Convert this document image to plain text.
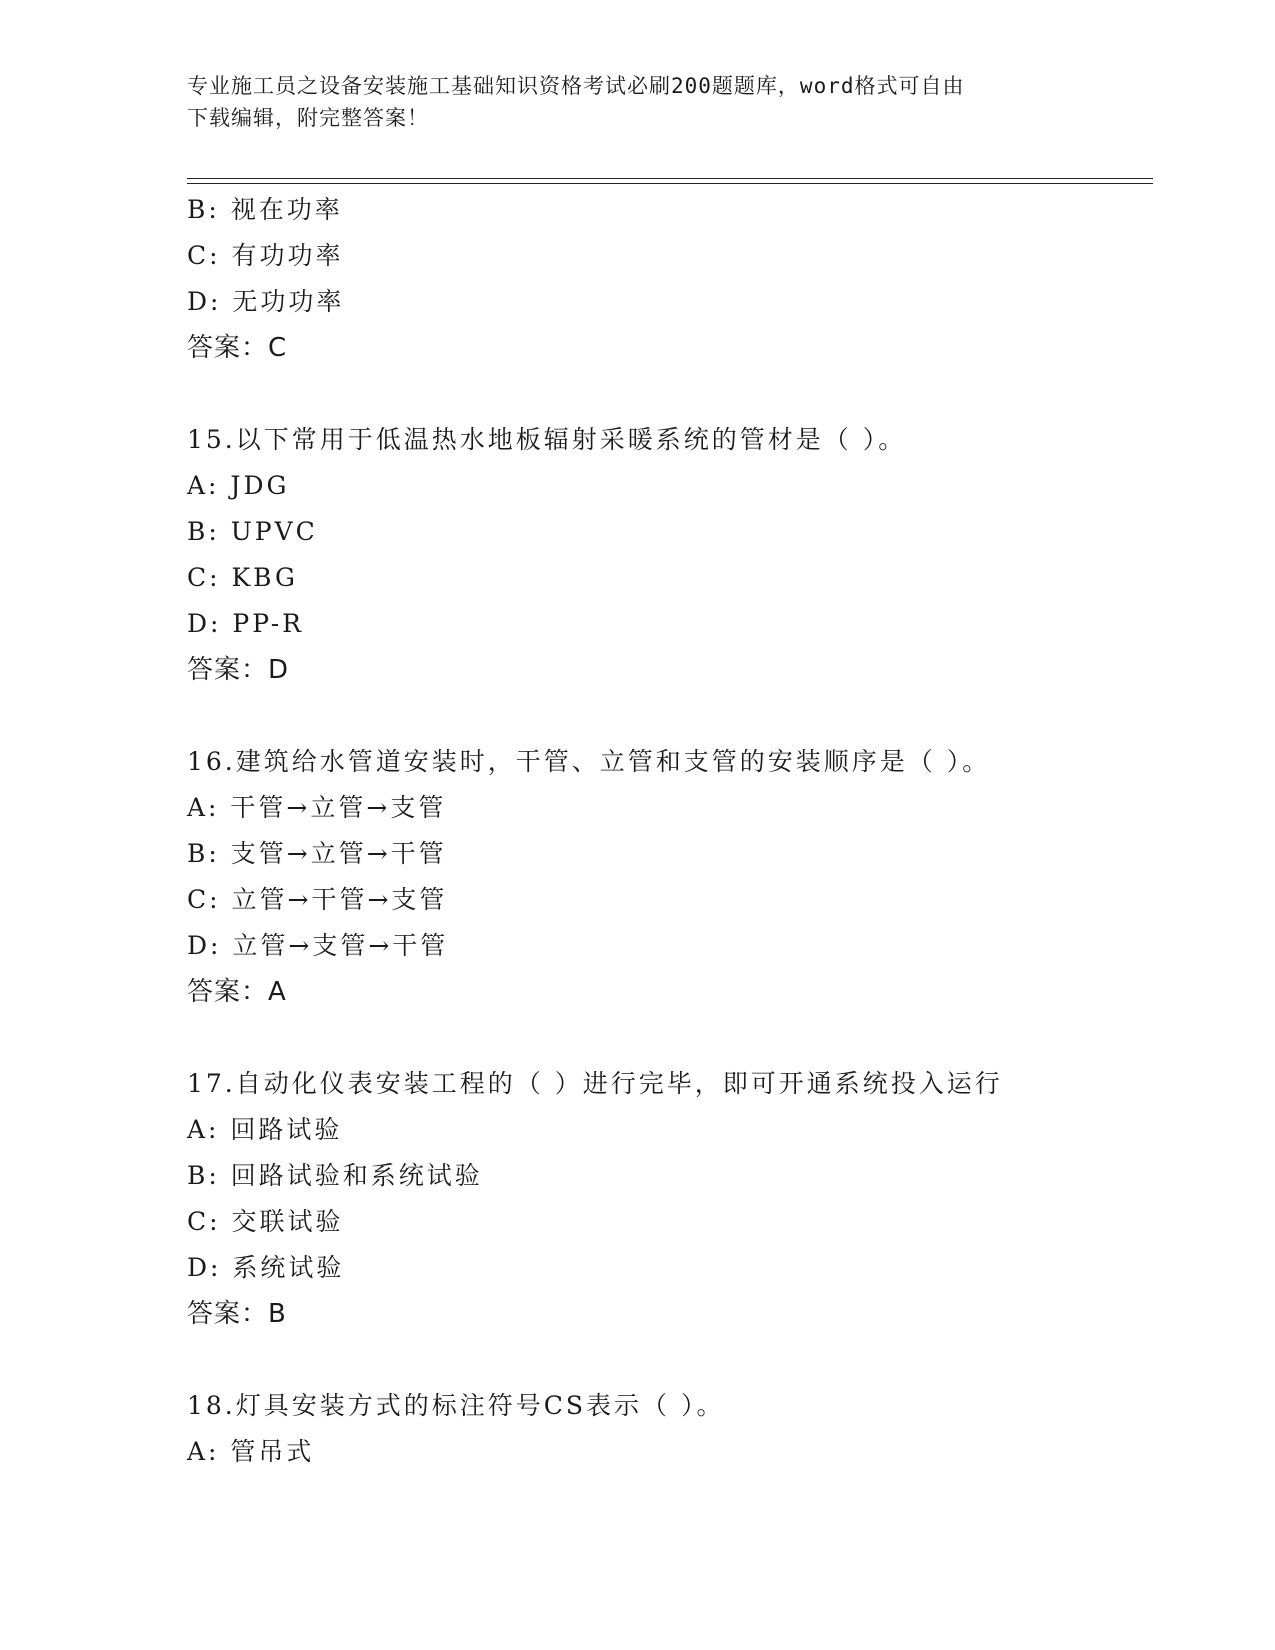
专业施工员之设备安装施工基础知识资格考试必刷200题题库，word格式可自由
下载编辑，附完整答案！
B: 视在功率
C: 有功功率
D: 无功功率
答案：C
15.以下常用于低温热水地板辐射采暖系统的管材是（ ）。
A: JDG
B: UPVC
C: KBG
D: PP-R
答案：D
16.建筑给水管道安装时，干管、立管和支管的安装顺序是（ ）。
A: 干管→立管→支管
B: 支管→立管→干管
C: 立管→干管→支管
D: 立管→支管→干管
答案：A
17.自动化仪表安装工程的（ ）进行完毕，即可开通系统投入运行
A: 回路试验
B: 回路试验和系统试验
C: 交联试验
D: 系统试验
答案：B
18.灯具安装方式的标注符号CS表示（ ）。
A: 管吊式
